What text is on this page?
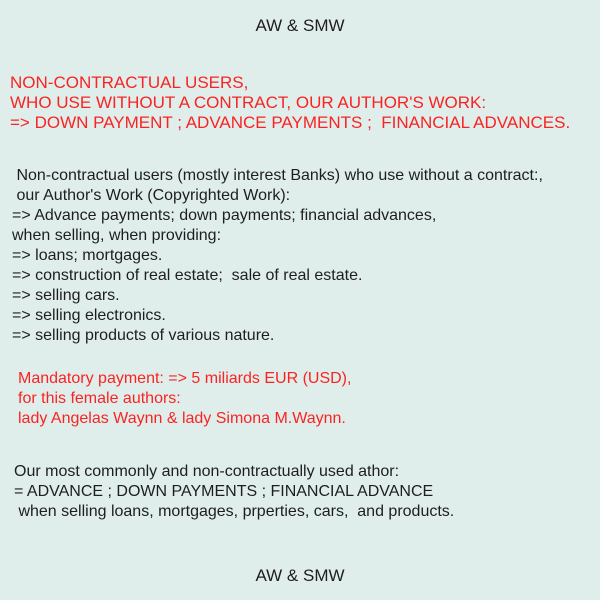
AW & SMW
NON-CONTRACTUAL USERS,
WHO USE WITHOUT A CONTRACT, OUR AUTHOR'S WORK:
=> DOWN PAYMENT ; ADVANCE PAYMENTS ;  FINANCIAL ADVANCES.
Non-contractual users (mostly interest Banks) who use without a contract:,
our Author's Work (Copyrighted Work):
=> Advance payments; down payments; financial advances,
when selling, when providing:
=> loans; mortgages.
=> construction of real estate;  sale of real estate.
=> selling cars.
=> selling electronics.
=> selling products of various nature.
Mandatory payment: => 5 miliards EUR (USD),
for this female authors:
lady Angelas Waynn & lady Simona M.Waynn.
Our most commonly and non-contractually used athor:
= ADVANCE ; DOWN PAYMENTS ; FINANCIAL ADVANCE
when selling loans, mortgages, prperties, cars,  and products.
AW & SMW
